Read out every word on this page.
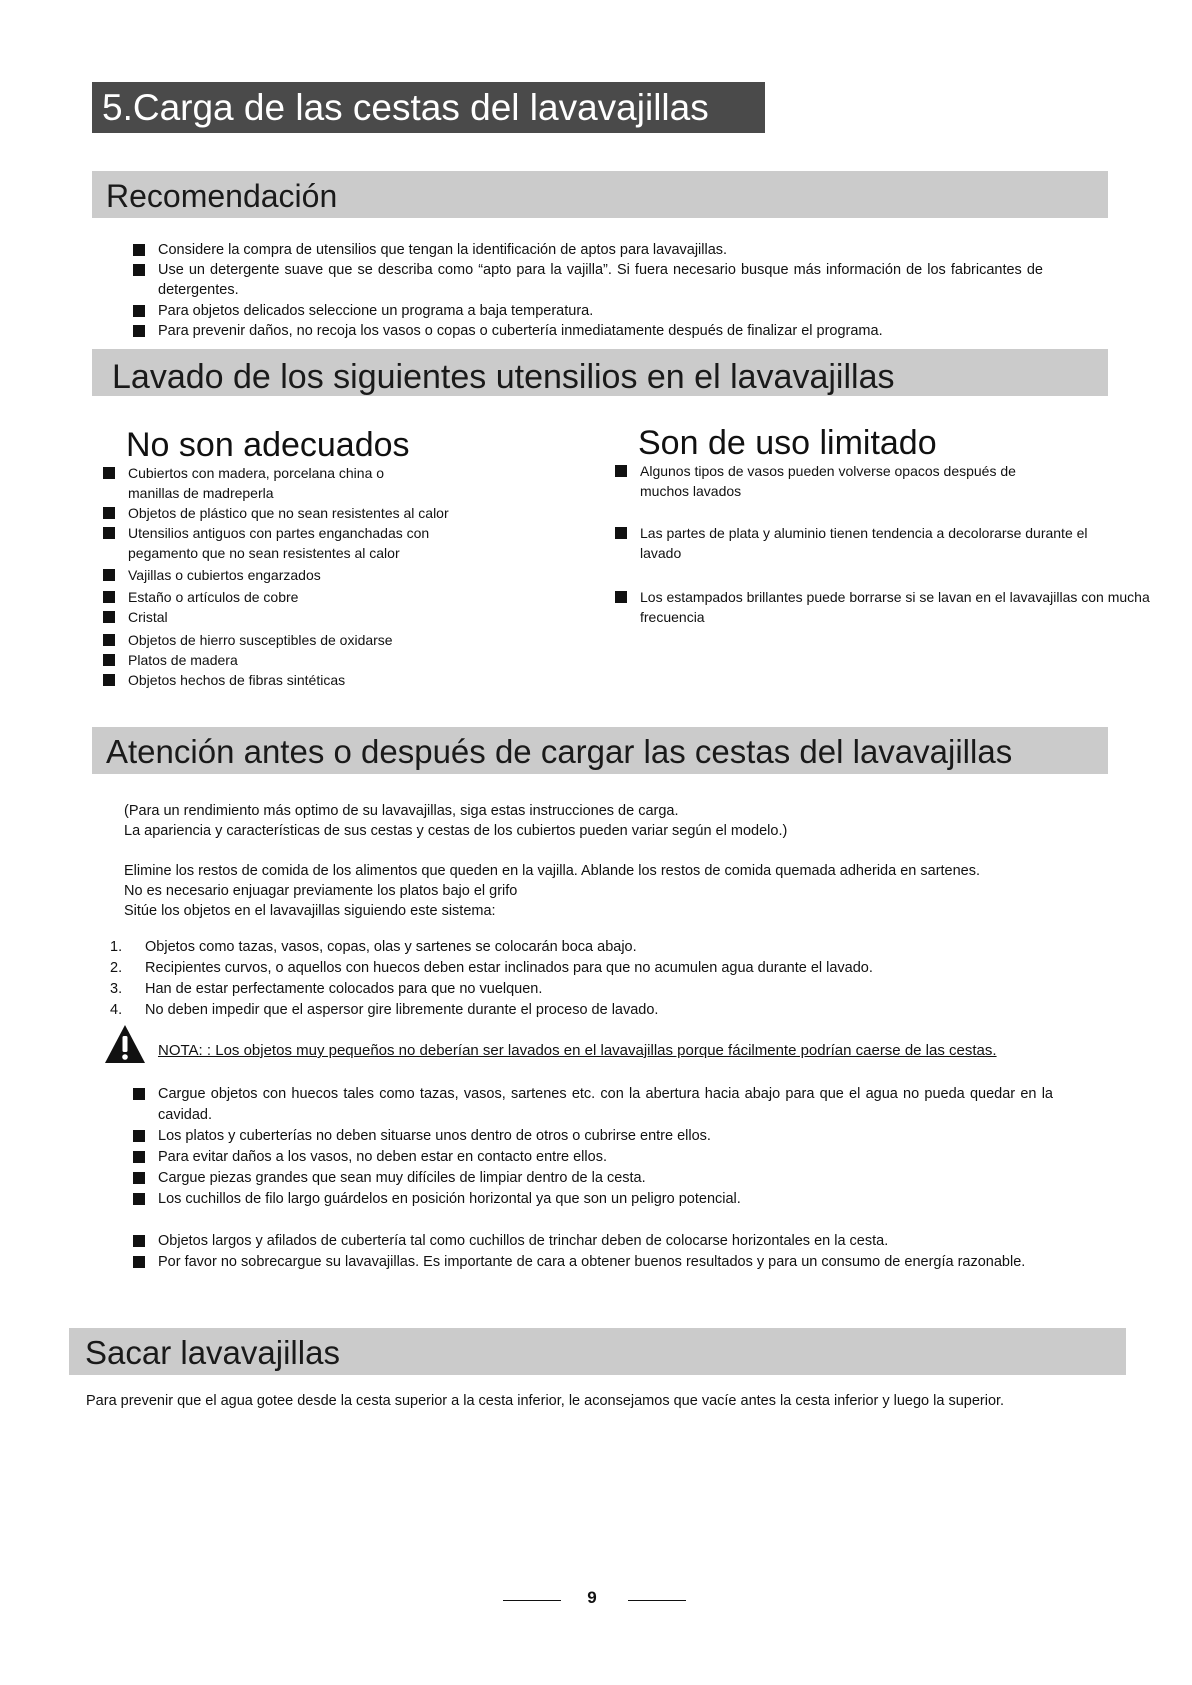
5.Carga de las cestas del lavavajillas
Recomendación
Considere la compra de utensilios que tengan la identificación de aptos para lavavajillas.
Use un detergente suave que se describa como “apto para la vajilla”. Si fuera necesario busque más información de los fabricantes de detergentes.
Para objetos delicados seleccione un programa a baja temperatura.
Para prevenir daños, no recoja los vasos o copas o cubertería inmediatamente después de finalizar el programa.
Lavado de los siguientes utensilios en el lavavajillas
No son adecuados
Cubiertos con madera, porcelana china o manillas de madreperla
Objetos de plástico que no sean resistentes al calor
Utensilios antiguos con partes enganchadas con pegamento que no sean resistentes al calor
Vajillas o cubiertos engarzados
Estaño o artículos de cobre
Cristal
Objetos de hierro susceptibles de oxidarse
Platos de madera
Objetos hechos de fibras sintéticas
Son de uso limitado
Algunos tipos de vasos pueden volverse opacos después de muchos lavados
Las partes de plata y aluminio tienen tendencia a decolorarse durante el lavado
Los estampados brillantes puede borrarse si se lavan en el lavavajillas con mucha frecuencia
Atención antes o después de cargar las cestas del lavavajillas

(Para un rendimiento más optimo de su lavavajillas, siga estas instrucciones de carga.

La apariencia y características de sus cestas y cestas de los cubiertos pueden variar según el modelo.)

Elimine los restos de comida de los alimentos que queden en la vajilla. Ablande los restos de comida quemada adherida en sartenes.

No es necesario enjuagar previamente los platos bajo el grifo

Sitúe los objetos en el lavavajillas siguiendo este sistema:

1. Objetos como tazas, vasos, copas, olas y sartenes se colocarán boca abajo.
2. Recipientes curvos, o aquellos con huecos deben estar inclinados para que no acumulen agua durante el lavado.
3. Han de estar perfectamente colocados para que no vuelquen.
4. No deben impedir que el aspersor gire libremente durante el proceso de lavado.
NOTA: : Los objetos muy pequeños no deberían ser lavados en el lavavajillas porque fácilmente podrían caerse de las cestas.
Cargue objetos con huecos tales como tazas, vasos, sartenes etc. con la abertura hacia abajo para que el agua no pueda quedar en la cavidad.
Los platos y cuberterías no deben situarse unos dentro de otros o cubrirse entre ellos.
Para evitar daños a los vasos, no deben estar en contacto entre ellos.
Cargue piezas grandes que sean muy difíciles de limpiar dentro de la cesta.
Los cuchillos de filo largo guárdelos en posición horizontal ya que son un peligro potencial.
Objetos largos y afilados de cubertería tal como cuchillos de trinchar deben de colocarse horizontales en la cesta.
Por favor no sobrecargue su lavavajillas. Es importante de cara a obtener buenos resultados y para un consumo de energía razonable.
Sacar lavavajillas

Para prevenir que el agua gotee desde la cesta superior a la cesta inferior, le aconsejamos que vacíe antes la cesta inferior y luego la superior.

9
